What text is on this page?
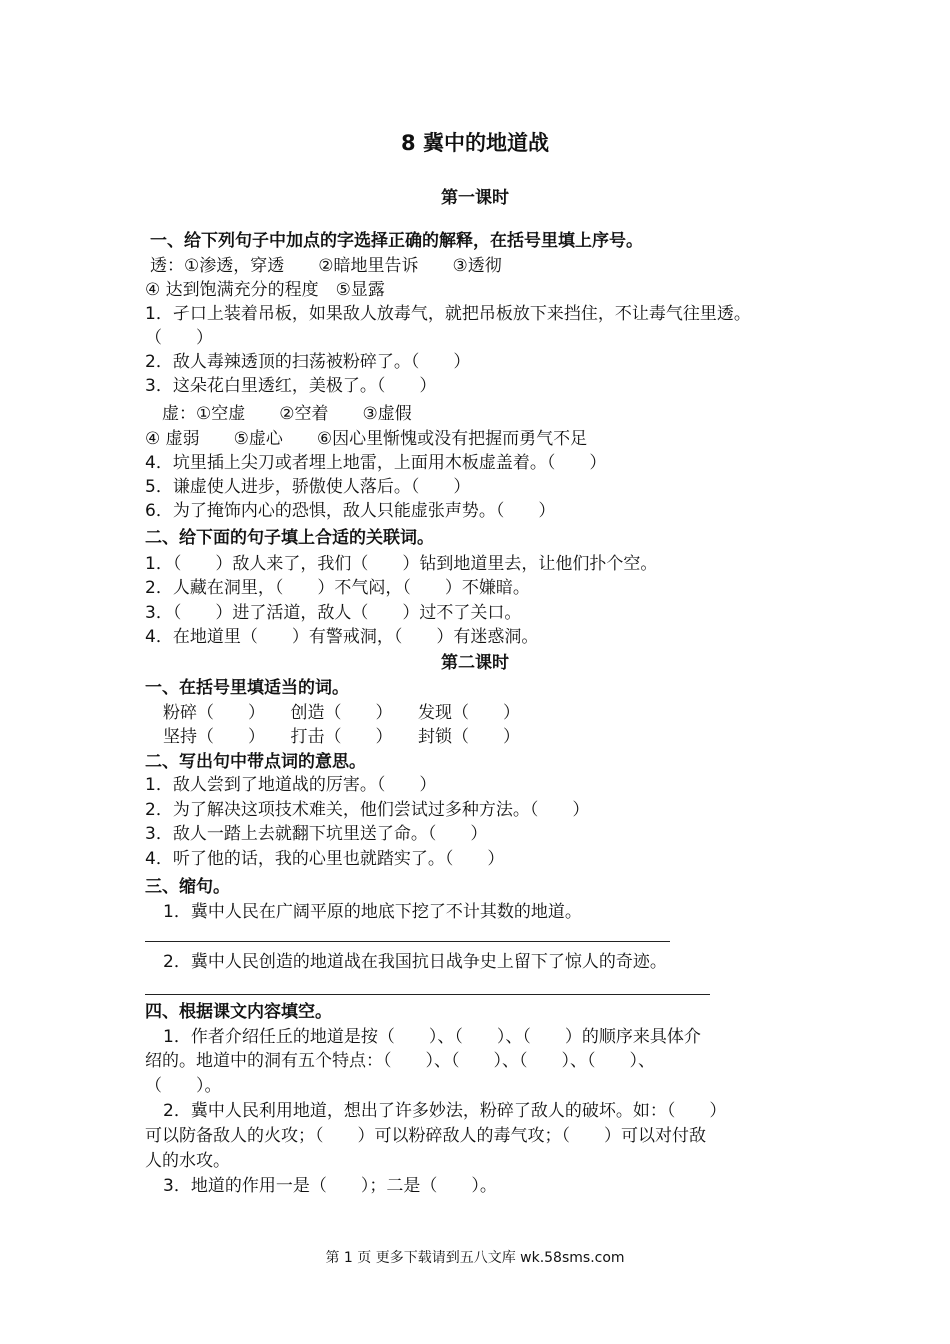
8 冀中的地道战
第一课时
一、给下列句子中加点的字选择正确的解释，在括号里填上序号。
透：①渗透，穿透　　②暗地里告诉　　③透彻
④ 达到饱满充分的程度　⑤显露
1．孑口上装着吊板，如果敌人放毒气，就把吊板放下来挡住，不让毒气往里透。
（　　）
2．敌人毒辣透顶的扫荡被粉碎了。（　　）
3．这朵花白里透红，美极了。（　　）
虚：①空虚　　②空着　　③虚假
④ 虚弱　　⑤虚心　　⑥因心里惭愧或没有把握而勇气不足
4．坑里插上尖刀或者埋上地雷，上面用木板虚盖着。（　　）
5．谦虚使人进步，骄傲使人落后。（　　）
6．为了掩饰内心的恐惧，敌人只能虚张声势。（　　）
二、给下面的句子填上合适的关联词。
1．（　　）敌人来了，我们（　　）钻到地道里去，让他们扑个空。
2．人藏在洞里，（　　）不气闷，（　　）不嫌暗。
3．（　　）进了活道，敌人（　　）过不了关口。
4．在地道里（　　）有警戒洞，（　　）有迷惑洞。
第二课时
一、在括号里填适当的词。
粉碎（　　）　　创造（　　）　　发现（　　）
坚持（　　）　　打击（　　）　　封锁（　　）
二、写出句中带点词的意思。
1．敌人尝到了地道战的厉害。（　　）
2．为了解决这项技术难关，他们尝试过多种方法。（　　）
3．敌人一踏上去就翻下坑里送了命。（　　）
4．听了他的话，我的心里也就踏实了。（　　）
三、缩句。
1．冀中人民在广阔平原的地底下挖了不计其数的地道。
2．冀中人民创造的地道战在我国抗日战争史上留下了惊人的奇迹。
四、根据课文内容填空。
1．作者介绍任丘的地道是按（　　）、（　　）、（　　）的顺序来具体介
绍的。地道中的洞有五个特点：（　　）、（　　）、（　　）、（　　）、
（　　）。
2．冀中人民利用地道，想出了许多妙法，粉碎了敌人的破坏。如：（　　）
可以防备敌人的火攻；（　　）可以粉碎敌人的毒气攻；（　　）可以对付敌
人的水攻。
3．地道的作用一是（　　）；二是（　　）。
第 1 页 更多下载请到五八文库 wk.58sms.com
